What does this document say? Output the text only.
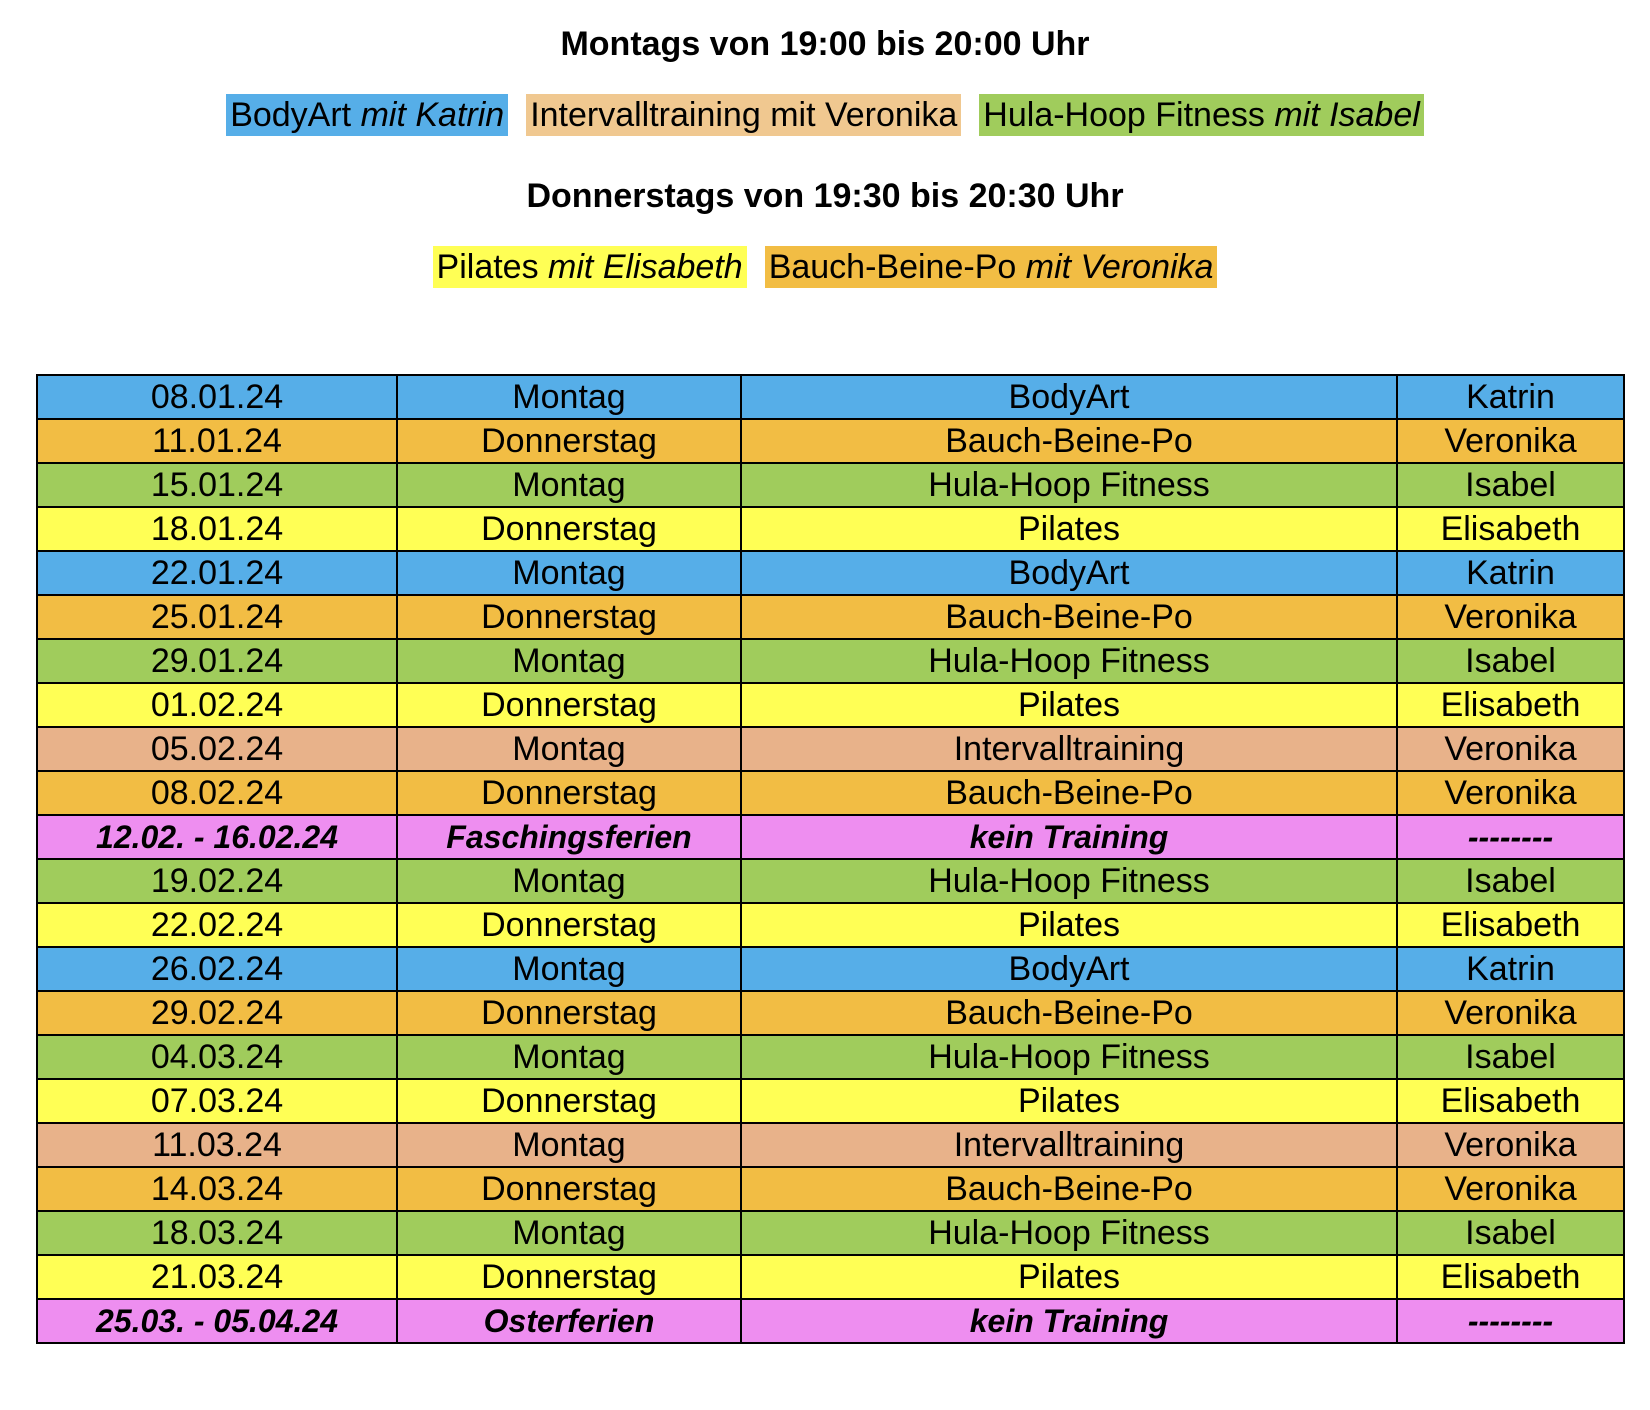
Montags von 19:00 bis 20:00 Uhr
BodyArt mit Katrin Intervalltraining mit Veronika Hula-Hoop Fitness mit Isabel
Donnerstags von 19:30 bis 20:30 Uhr
Pilates mit Elisabeth Bauch-Beine-Po mit Veronika
08.01.24	Montag	BodyArt	Katrin
11.01.24	Donnerstag	Bauch-Beine-Po	Veronika
15.01.24	Montag	Hula-Hoop Fitness	Isabel
18.01.24	Donnerstag	Pilates	Elisabeth
22.01.24	Montag	BodyArt	Katrin
25.01.24	Donnerstag	Bauch-Beine-Po	Veronika
29.01.24	Montag	Hula-Hoop Fitness	Isabel
01.02.24	Donnerstag	Pilates	Elisabeth
05.02.24	Montag	Intervalltraining	Veronika
08.02.24	Donnerstag	Bauch-Beine-Po	Veronika
12.02. - 16.02.24	Faschingsferien	kein Training	--------
19.02.24	Montag	Hula-Hoop Fitness	Isabel
22.02.24	Donnerstag	Pilates	Elisabeth
26.02.24	Montag	BodyArt	Katrin
29.02.24	Donnerstag	Bauch-Beine-Po	Veronika
04.03.24	Montag	Hula-Hoop Fitness	Isabel
07.03.24	Donnerstag	Pilates	Elisabeth
11.03.24	Montag	Intervalltraining	Veronika
14.03.24	Donnerstag	Bauch-Beine-Po	Veronika
18.03.24	Montag	Hula-Hoop Fitness	Isabel
21.03.24	Donnerstag	Pilates	Elisabeth
25.03. - 05.04.24	Osterferien	kein Training	--------
